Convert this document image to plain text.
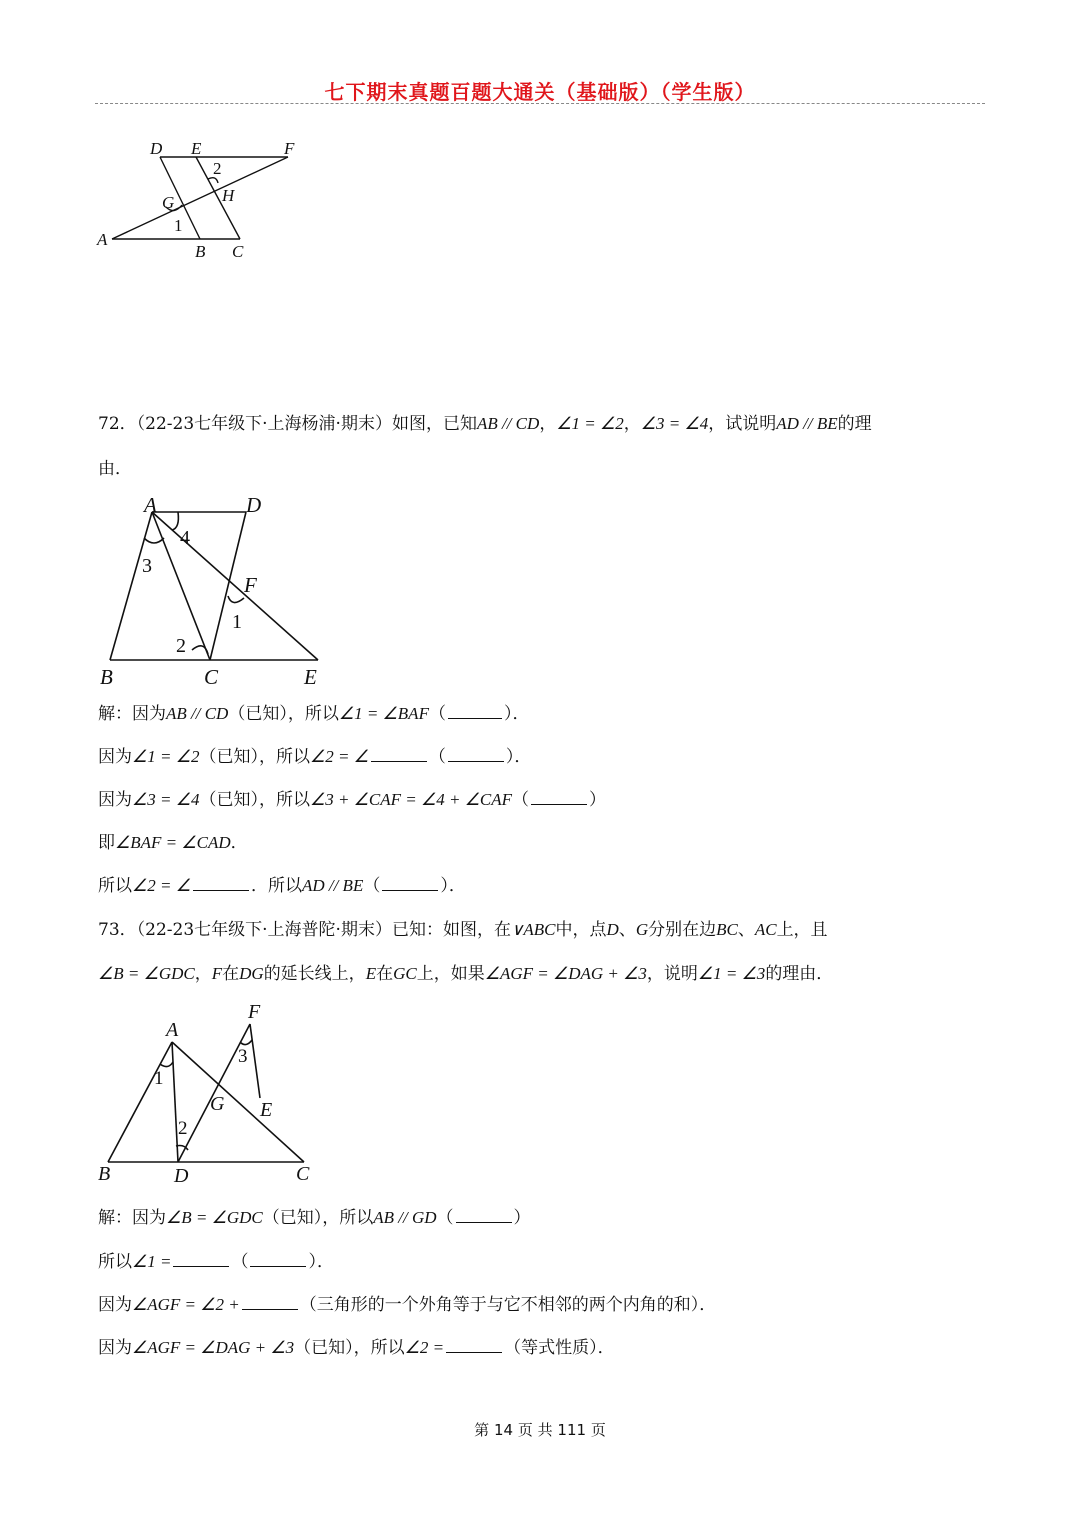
七下期末真题百题大通关（基础版）（学生版）
D E	F
2
H
G
1
A
B C
72．（22-23七年级下·上海杨浦·期末）如图，已知AB // CD，∠1 = ∠2，∠3 = ∠4，试说明AD // BE的理
由．
A	D
4
3
F
1
2
B	C	E
解：因为AB // CD（已知），所以∠1 = ∠BAF（	）．
因为∠1 = ∠2（已知），所以∠2 = ∠	（	）．
因为∠3 = ∠4（已知），所以∠3 + ∠CAF = ∠4 + ∠CAF（	）
即∠BAF = ∠CAD．
所以∠2 = ∠	．所以AD // BE（	）．
73．（22-23七年级下·上海普陀·期末）已知：如图，在∨ABC中，点D、G分别在边BC、AC上，且
∠B = ∠GDC，F在DG的延长线上，E在GC上，如果∠AGF = ∠DAG + ∠3，说明∠1 = ∠3的理由．
A
F
3
1
G E
2
B	D	C
解：因为∠B = ∠GDC（已知），所以AB // GD（	）
所以∠1 =	（	）．
因为∠AGF = ∠2 +	（三角形的一个外角等于与它不相邻的两个内角的和）．
因为∠AGF = ∠DAG + ∠3（已知），所以∠2 =	（等式性质）．
第 14 页 共 111 页
